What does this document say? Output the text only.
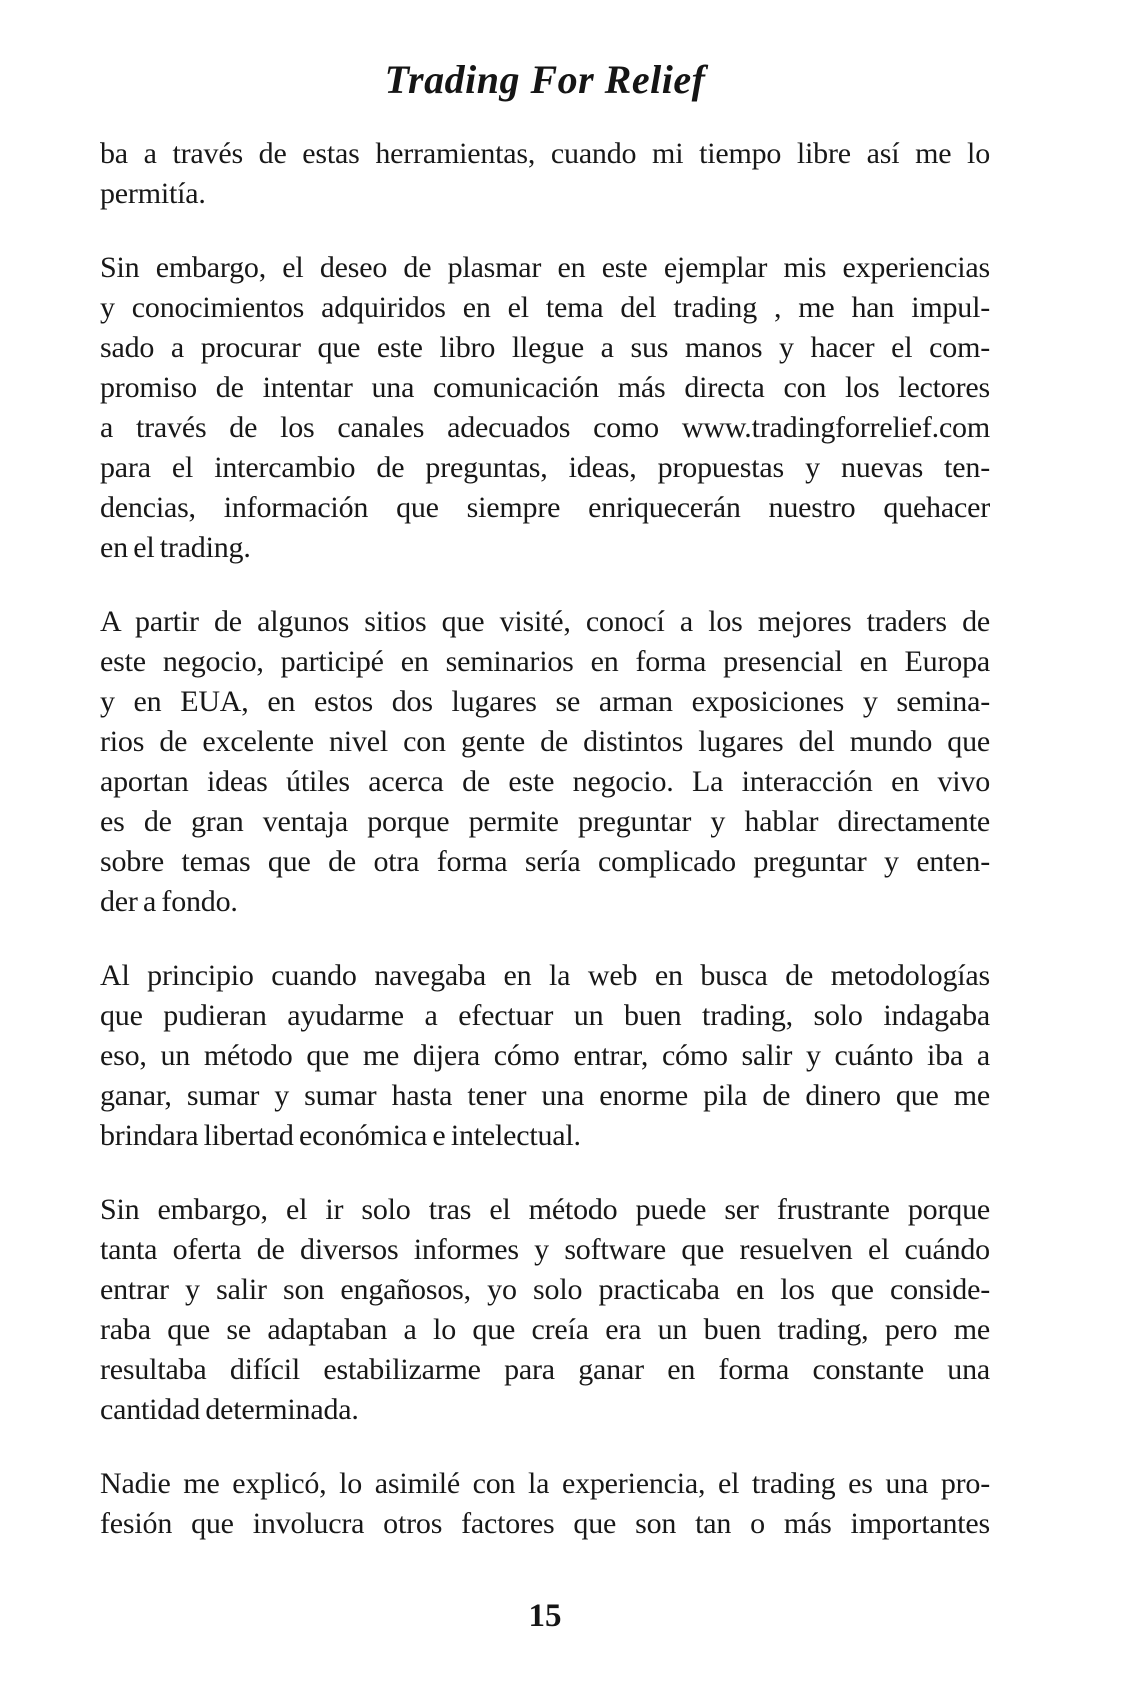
Trading For Relief
ba a través de estas herramientas, cuando mi tiempo libre así me lo
permitía.
Sin embargo, el deseo de plasmar en este ejemplar mis experiencias
y conocimientos adquiridos en el tema del trading , me han impul-
sado a procurar que este libro llegue a sus manos y hacer el com-
promiso de intentar una comunicación más directa con los lectores
a través de los canales adecuados como www.tradingforrelief.com
para el intercambio de preguntas, ideas, propuestas y nuevas ten-
dencias, información que siempre enriquecerán nuestro quehacer
en el trading.
A partir de algunos sitios que visité, conocí a los mejores traders de
este negocio, participé en seminarios en forma presencial en Europa
y en EUA, en estos dos lugares se arman exposiciones y semina-
rios de excelente nivel con gente de distintos lugares del mundo que
aportan ideas útiles acerca de este negocio. La interacción en vivo
es de gran ventaja porque permite preguntar y hablar directamente
sobre temas que de otra forma sería complicado preguntar y enten-
der a fondo.
Al principio cuando navegaba en la web en busca de metodologías
que pudieran ayudarme a efectuar un buen trading, solo indagaba
eso, un método que me dijera cómo entrar, cómo salir y cuánto iba a
ganar, sumar y sumar hasta tener una enorme pila de dinero que me
brindara libertad económica e intelectual.
Sin embargo, el ir solo tras el método puede ser frustrante porque
tanta oferta de diversos informes y software que resuelven el cuándo
entrar y salir son engañosos, yo solo practicaba en los que conside-
raba que se adaptaban a lo que creía era un buen trading, pero me
resultaba difícil estabilizarme para ganar en forma constante una
cantidad determinada.
Nadie me explicó, lo asimilé con la experiencia, el trading es una pro-
fesión que involucra otros factores que son tan o más importantes
15
